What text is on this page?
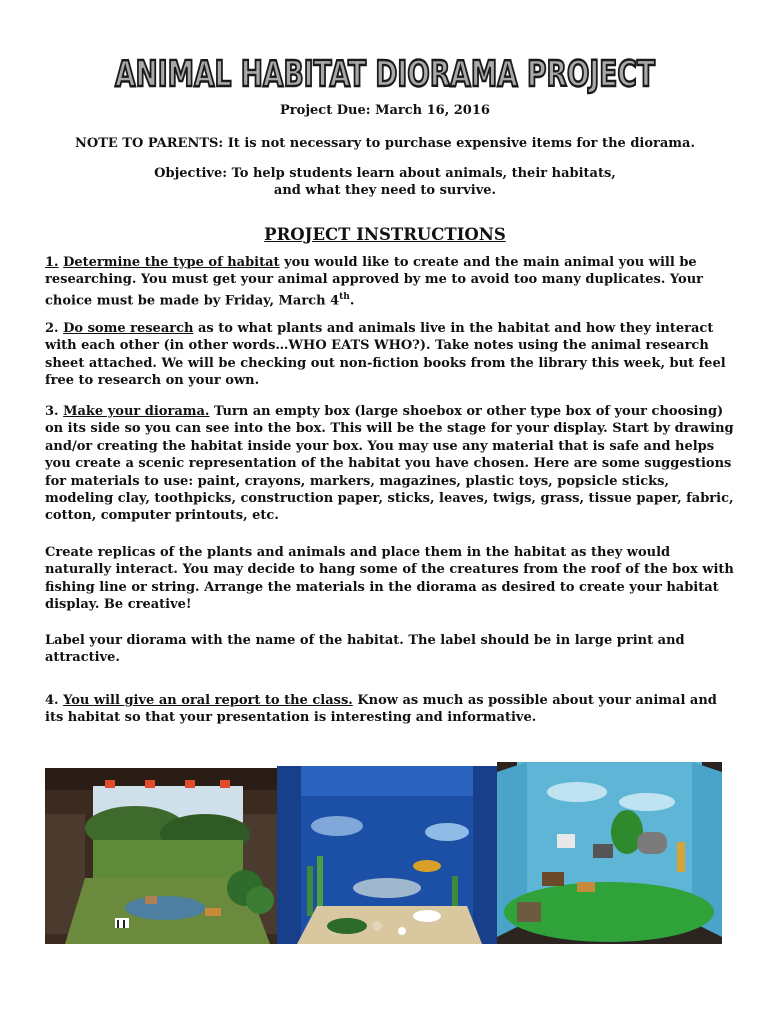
ANIMAL HABITAT DIORAMA PROJECT
Project Due: March 16, 2016
NOTE TO PARENTS: It is not necessary to purchase expensive items for the diorama.
Objective: To help students learn about animals, their habitats,
and what they need to survive.
PROJECT INSTRUCTIONS
1. Determine the type of habitat you would like to create and the main animal you will be researching. You must get your animal approved by me to avoid too many duplicates. Your choice must be made by Friday, March 4th.
2. Do some research as to what plants and animals live in the habitat and how they interact with each other (in other words…WHO EATS WHO?). Take notes using the animal research sheet attached. We will be checking out non-fiction books from the library this week, but feel free to research on your own.
3. Make your diorama. Turn an empty box (large shoebox or other type box of your choosing) on its side so you can see into the box. This will be the stage for your display. Start by drawing and/or creating the habitat inside your box. You may use any material that is safe and helps you create a scenic representation of the habitat you have chosen. Here are some suggestions for materials to use: paint, crayons, markers, magazines, plastic toys, popsicle sticks, modeling clay, toothpicks, construction paper, sticks, leaves, twigs, grass, tissue paper, fabric, cotton, computer printouts, etc.
Create replicas of the plants and animals and place them in the habitat as they would naturally interact. You may decide to hang some of the creatures from the roof of the box with fishing line or string. Arrange the materials in the diorama as desired to create your habitat display. Be creative!
Label your diorama with the name of the habitat. The label should be in large print and attractive.
4. You will give an oral report to the class. Know as much as possible about your animal and its habitat so that your presentation is interesting and informative.
